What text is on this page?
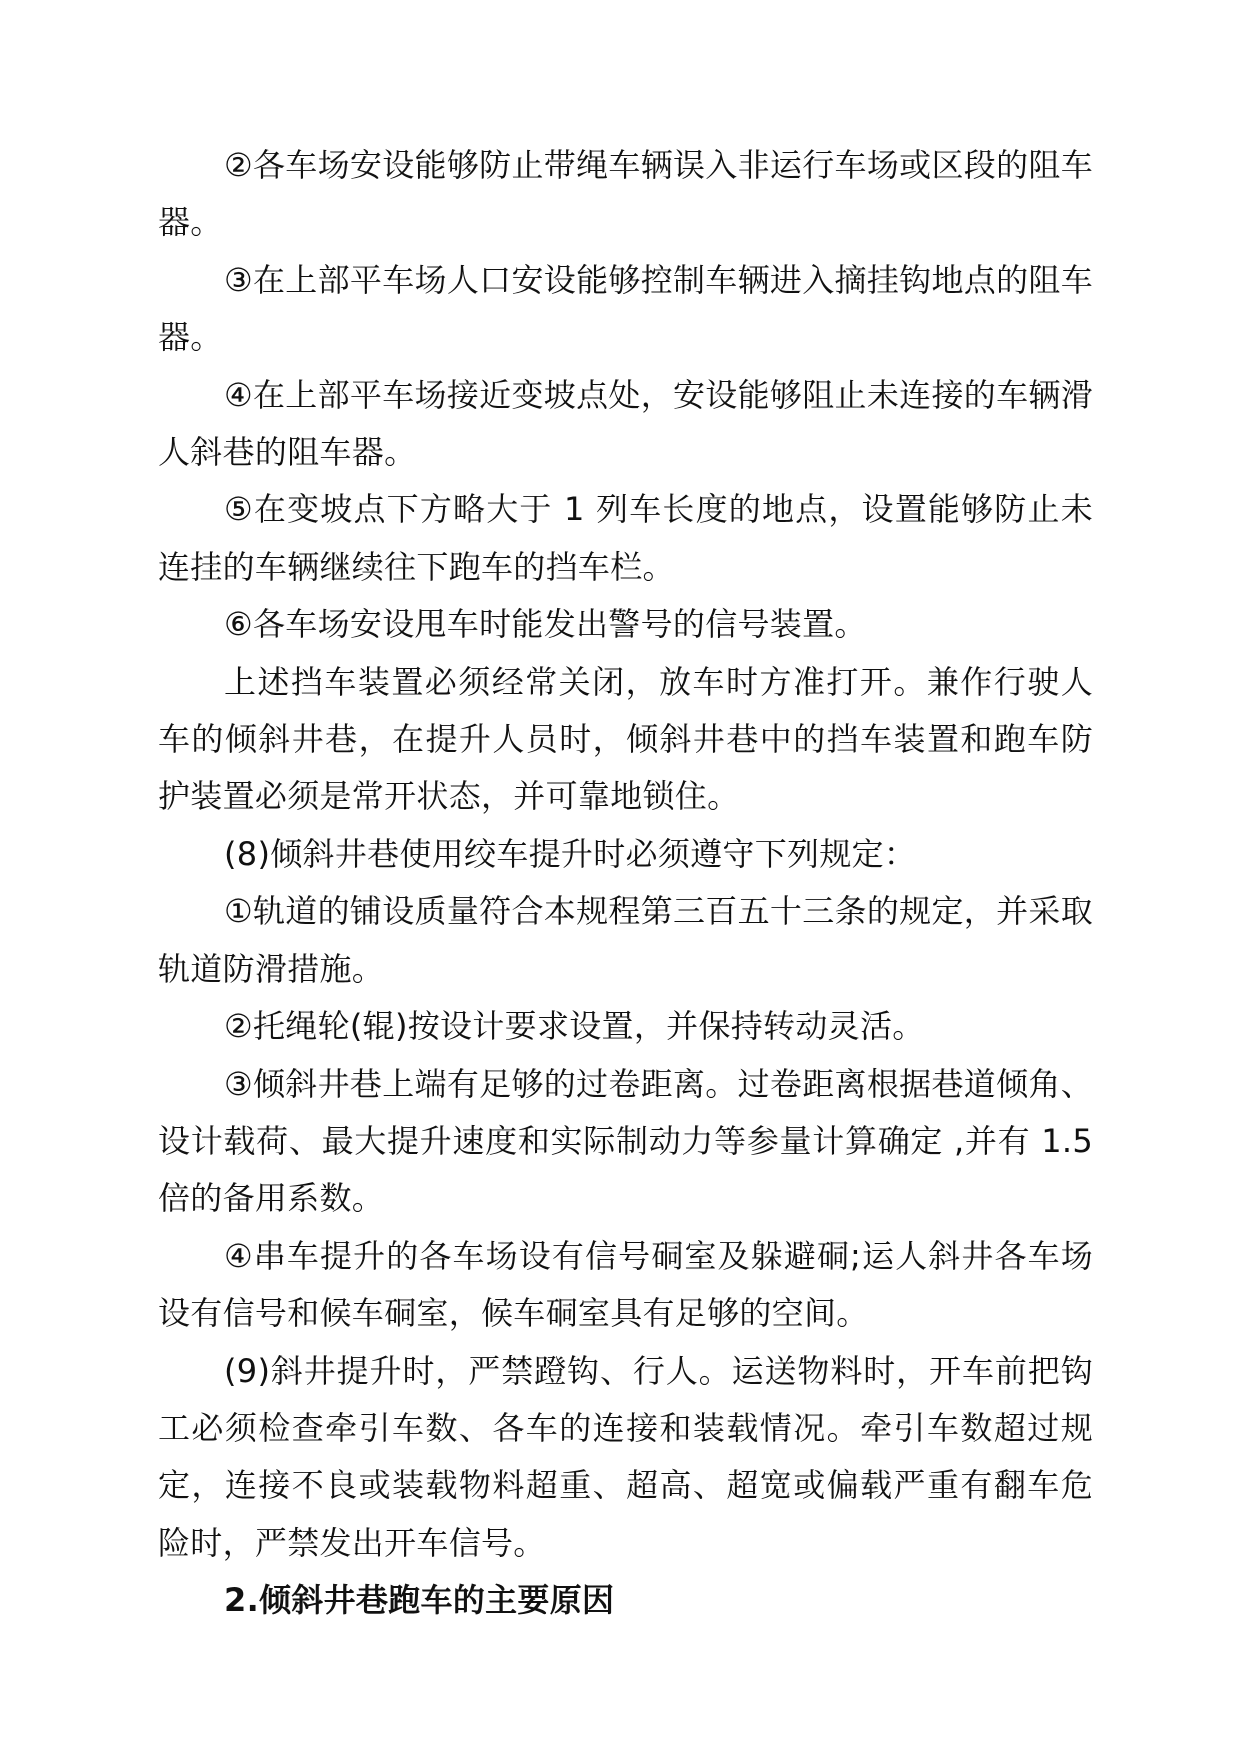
②各车场安设能够防止带绳车辆误入非运行车场或区段的阻车器。

③在上部平车场人口安设能够控制车辆进入摘挂钩地点的阻车器。

④在上部平车场接近变坡点处，安设能够阻止未连接的车辆滑人斜巷的阻车器。

⑤在变坡点下方略大于 1 列车长度的地点，设置能够防止未连挂的车辆继续往下跑车的挡车栏。

⑥各车场安设甩车时能发出警号的信号装置。

上述挡车装置必须经常关闭，放车时方准打开。兼作行驶人车的倾斜井巷，在提升人员时，倾斜井巷中的挡车装置和跑车防护装置必须是常开状态，并可靠地锁住。

(8)倾斜井巷使用绞车提升时必须遵守下列规定：

①轨道的铺设质量符合本规程第三百五十三条的规定，并采取轨道防滑措施。

②托绳轮(辊)按设计要求设置，并保持转动灵活。

③倾斜井巷上端有足够的过卷距离。过卷距离根据巷道倾角、设计载荷、最大提升速度和实际制动力等参量计算确定 ,并有 1.5 倍的备用系数。

④串车提升的各车场设有信号硐室及躲避硐;运人斜井各车场设有信号和候车硐室，候车硐室具有足够的空间。

(9)斜井提升时，严禁蹬钩、行人。运送物料时，开车前把钩工必须检查牵引车数、各车的连接和装载情况。牵引车数超过规定，连接不良或装载物料超重、超高、超宽或偏载严重有翻车危险时，严禁发出开车信号。

2.倾斜井巷跑车的主要原因
